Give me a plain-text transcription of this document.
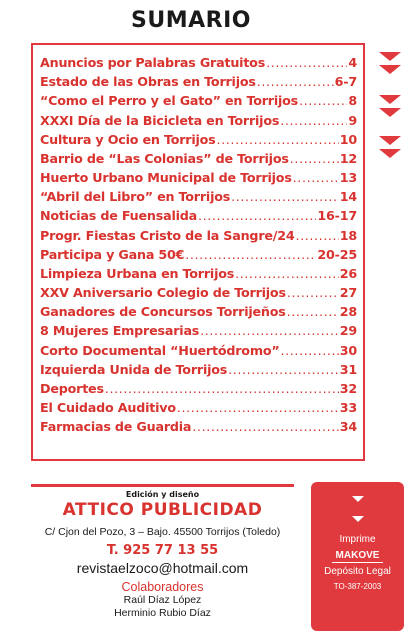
SUMARIO
Anuncios por Palabras Gratuitos .....	4
Estado de las Obras en Torrijos .....	6-7
“Como el Perro y el Gato” en Torrijos .....	8
XXXI Día de la Bicicleta en Torrijos .....	9
Cultura y Ocio en Torrijos .....	10
Barrio de “Las Colonias” de Torrijos .....	12
Huerto Urbano Municipal de Torrijos .....	13
“Abril del Libro” en Torrijos .....	14
Noticias de Fuensalida .....	16-17
Progr. Fiestas Cristo de la Sangre/24 .....	18
Participa y Gana 50€ .....	20-25
Limpieza Urbana en Torrijos .....	26
XXV Aniversario Colegio de Torrijos .....	27
Ganadores de Concursos Torrijeños .....	28
8 Mujeres Empresarias .....	29
Corto Documental “Huertódromo” .....	30
Izquierda Unida de Torrijos .....	31
Deportes .....	32
El Cuidado Auditivo .....	33
Farmacias de Guardia .....	34
Edición y diseño
ATTICO PUBLICIDAD
C/ Cjon del Pozo, 3 – Bajo. 45500 Torrijos (Toledo)
T. 925 77 13 55
revistaelzoco@hotmail.com
Colaboradores
Raúl Díaz López
Herminio Rubio Díaz
Imprime
MAKOVE
Depósito Legal
TO-387-2003
